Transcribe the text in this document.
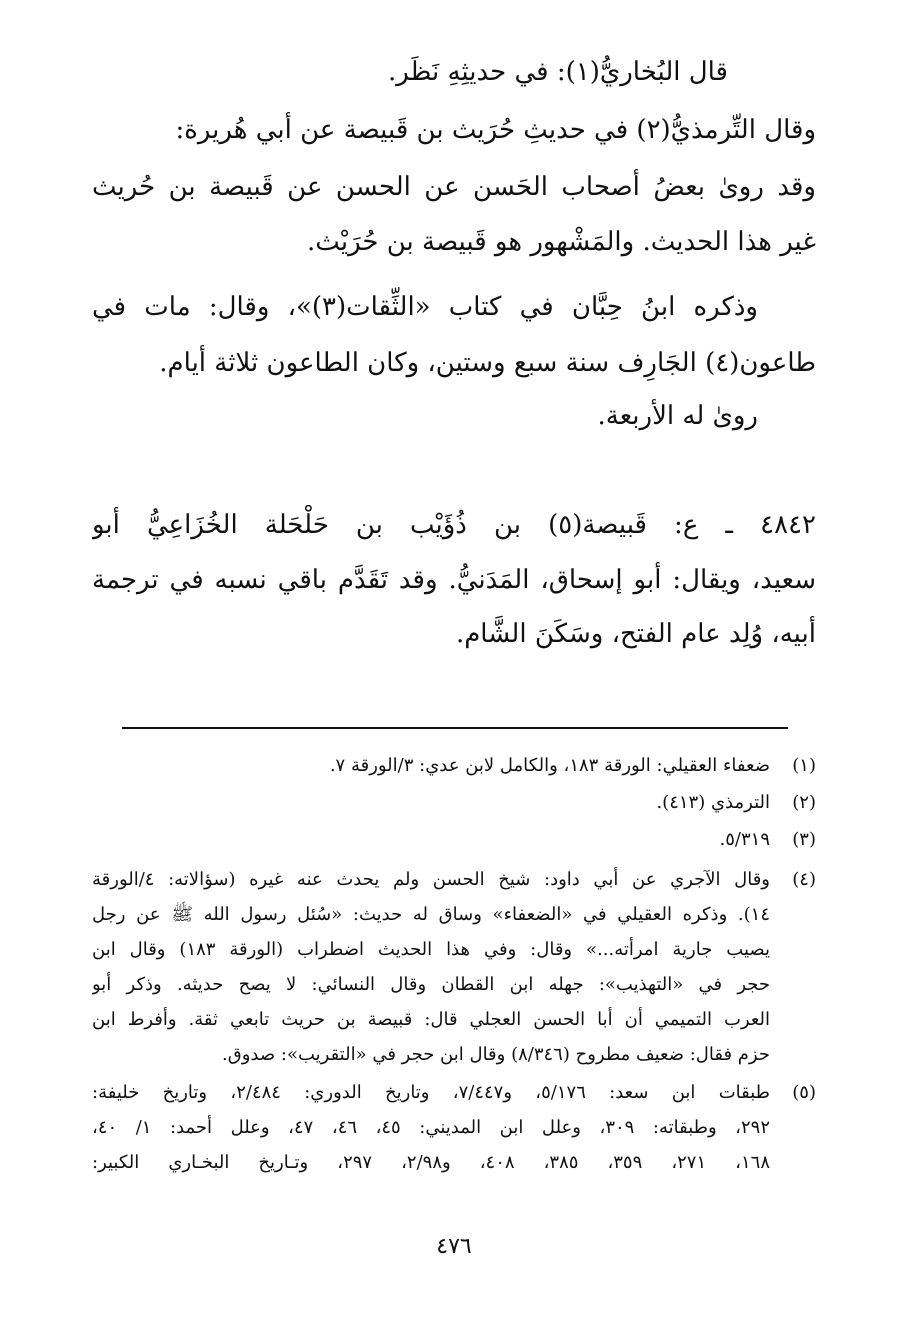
قال البُخاريُّ(١): في حديثِهِ نَظَر.
وقال التِّرمذيُّ(٢) في حديثِ حُرَيث بن قَبيصة عن أبي هُريرة:
وقد روىٰ بعضُ أصحاب الحَسن عن الحسن عن قَبيصة بن حُريث
غير هذا الحديث. والمَشْهور هو قَبيصة بن حُرَيْث.
وذكره ابنُ حِبَّان في كتاب «الثِّقات(٣)»، وقال: مات في
طاعون(٤) الجَارِف سنة سبع وستين، وكان الطاعون ثلاثة أيام.
روىٰ له الأربعة.
٤٨٤٢ ـ ع: قَبيصة(٥) بن ذُؤَيْب بن حَلْحَلة الخُزَاعِيُّ أبو
سعيد، ويقال: أبو إسحاق، المَدَنيُّ. وقد تَقَدَّم باقي نسبه في ترجمة
أبيه، وُلِد عام الفتح، وسَكَنَ الشَّام.
(١)
ضعفاء العقيلي: الورقة ١٨٣، والكامل لابن عدي: ٣/الورقة ٧.
(٢)
الترمذي (٤١٣).
(٣)
٥/٣١٩.
(٤)
وقال الآجري عن أبي داود: شيخ الحسن ولم يحدث عنه غيره (سؤالاته: ٤/الورقة
١٤). وذكره العقيلي في «الضعفاء» وساق له حديث: «سُئل رسول الله ﷺ عن رجل
يصيب جارية امرأته...» وقال: وفي هذا الحديث اضطراب (الورقة ١٨٣) وقال ابن
حجر في «التهذيب»: جهله ابن القطان وقال النسائي: لا يصح حديثه. وذكر أبو
العرب التميمي أن أبا الحسن العجلي قال: قبيصة بن حريث تابعي ثقة. وأفرط ابن
حزم فقال: ضعيف مطروح (٨/٣٤٦) وقال ابن حجر في «التقريب»: صدوق.
(٥)
طبقات ابن سعد: ٥/١٧٦، و٧/٤٤٧، وتاريخ الدوري: ٢/٤٨٤، وتاريخ خليفة:
٢٩٢، وطبقاته: ٣٠٩، وعلل ابن المديني: ٤٥، ٤٦، ٤٧، وعلل أحمد: ١/ ٤٠،
١٦٨، ٢٧١، ٣٥٩، ٣٨٥، ٤٠٨، و٢/٩٨، ٢٩٧، وتـاريخ البخـاري الكبير:
٤٧٦
